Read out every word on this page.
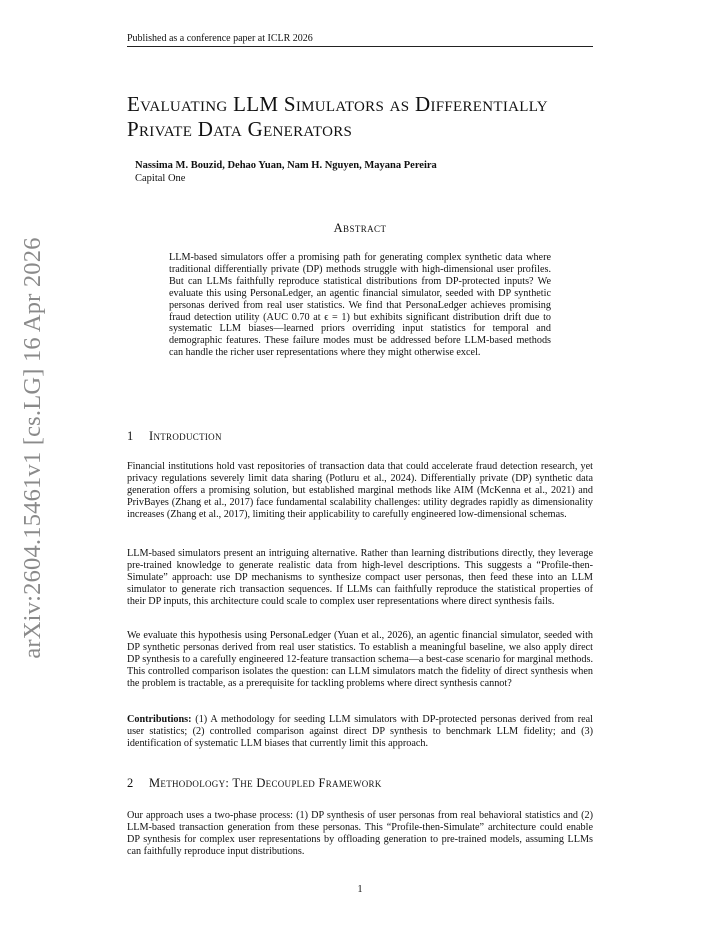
Published as a conference paper at ICLR 2026
arXiv:2604.15461v1 [cs.LG] 16 Apr 2026
Evaluating LLM Simulators as Differentially
Private Data Generators
Nassima M. Bouzid, Dehao Yuan, Nam H. Nguyen, Mayana Pereira
Capital One
Abstract
LLM-based simulators offer a promising path for generating complex synthetic data where traditional differentially private (DP) methods struggle with high-dimensional user profiles. But can LLMs faithfully reproduce statistical distributions from DP-protected inputs? We evaluate this using PersonaLedger, an agentic financial simulator, seeded with DP synthetic personas derived from real user statistics. We find that PersonaLedger achieves promising fraud detection utility (AUC 0.70 at ϵ = 1) but exhibits significant distribution drift due to systematic LLM biases—learned priors overriding input statistics for temporal and demographic features. These failure modes must be addressed before LLM-based methods can handle the richer user representations where they might otherwise excel.
1 Introduction

Financial institutions hold vast repositories of transaction data that could accelerate fraud detection research, yet privacy regulations severely limit data sharing (Potluru et al., 2024). Differentially private (DP) synthetic data generation offers a promising solution, but established marginal methods like AIM (McKenna et al., 2021) and PrivBayes (Zhang et al., 2017) face fundamental scalability challenges: utility degrades rapidly as dimensionality increases (Zhang et al., 2017), limiting their applicability to carefully engineered low-dimensional schemas.

LLM-based simulators present an intriguing alternative. Rather than learning distributions directly, they leverage pre-trained knowledge to generate realistic data from high-level descriptions. This suggests a “Profile-then-Simulate” approach: use DP mechanisms to synthesize compact user personas, then feed these into an LLM simulator to generate rich transaction sequences. If LLMs can faithfully reproduce the statistical properties of their DP inputs, this architecture could scale to complex user representations where direct synthesis fails.

We evaluate this hypothesis using PersonaLedger (Yuan et al., 2026), an agentic financial simulator, seeded with DP synthetic personas derived from real user statistics. To establish a meaningful baseline, we also apply direct DP synthesis to a carefully engineered 12-feature transaction schema—a best-case scenario for marginal methods. This controlled comparison isolates the question: can LLM simulators match the fidelity of direct synthesis when the problem is tractable, as a prerequisite for tackling problems where direct synthesis cannot?

Contributions: (1) A methodology for seeding LLM simulators with DP-protected personas derived from real user statistics; (2) controlled comparison against direct DP synthesis to benchmark LLM fidelity; and (3) identification of systematic LLM biases that currently limit this approach.

2 Methodology: The Decoupled Framework

Our approach uses a two-phase process: (1) DP synthesis of user personas from real behavioral statistics and (2) LLM-based transaction generation from these personas. This “Profile-then-Simulate” architecture could enable DP synthesis for complex user representations by offloading generation to pre-trained models, assuming LLMs can faithfully reproduce input distributions.

1
